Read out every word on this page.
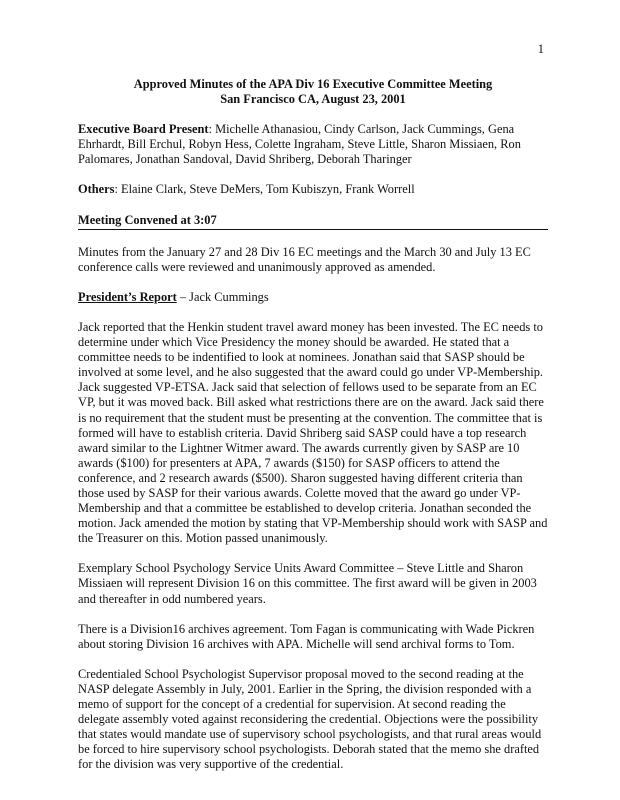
1
Approved Minutes of the APA Div 16 Executive Committee Meeting
San Francisco CA, August 23, 2001

Executive Board Present: Michelle Athanasiou, Cindy Carlson, Jack Cummings, Gena Ehrhardt, Bill Erchul, Robyn Hess, Colette Ingraham, Steve Little, Sharon Missiaen, Ron Palomares, Jonathan Sandoval, David Shriberg, Deborah Tharinger

Others: Elaine Clark, Steve DeMers, Tom Kubiszyn, Frank Worrell

Meeting Convened at 3:07

Minutes from the January 27 and 28 Div 16 EC meetings and the March 30 and July 13 EC conference calls were reviewed and unanimously approved as amended.

President’s Report – Jack Cummings

Jack reported that the Henkin student travel award money has been invested. The EC needs to determine under which Vice Presidency the money should be awarded. He stated that a committee needs to be indentified to look at nominees. Jonathan said that SASP should be involved at some level, and he also suggested that the award could go under VP-Membership. Jack suggested VP-ETSA. Jack said that selection of fellows used to be separate from an EC VP, but it was moved back. Bill asked what restrictions there are on the award. Jack said there is no requirement that the student must be presenting at the convention. The committee that is formed will have to establish criteria. David Shriberg said SASP could have a top research award similar to the Lightner Witmer award. The awards currently given by SASP are 10 awards ($100) for presenters at APA, 7 awards ($150) for SASP officers to attend the conference, and 2 research awards ($500). Sharon suggested having different criteria than those used by SASP for their various awards. Colette moved that the award go under VP-Membership and that a committee be established to develop criteria. Jonathan seconded the motion. Jack amended the motion by stating that VP-Membership should work with SASP and the Treasurer on this. Motion passed unanimously.

Exemplary School Psychology Service Units Award Committee – Steve Little and Sharon Missiaen will represent Division 16 on this committee. The first award will be given in 2003 and thereafter in odd numbered years.

There is a Division16 archives agreement. Tom Fagan is communicating with Wade Pickren about storing Division 16 archives with APA. Michelle will send archival forms to Tom.

Credentialed School Psychologist Supervisor proposal moved to the second reading at the NASP delegate Assembly in July, 2001. Earlier in the Spring, the division responded with a memo of support for the concept of a credential for supervision. At second reading the delegate assembly voted against reconsidering the credential. Objections were the possibility that states would mandate use of supervisory school psychologists, and that rural areas would be forced to hire supervisory school psychologists. Deborah stated that the memo she drafted for the division was very supportive of the credential.
